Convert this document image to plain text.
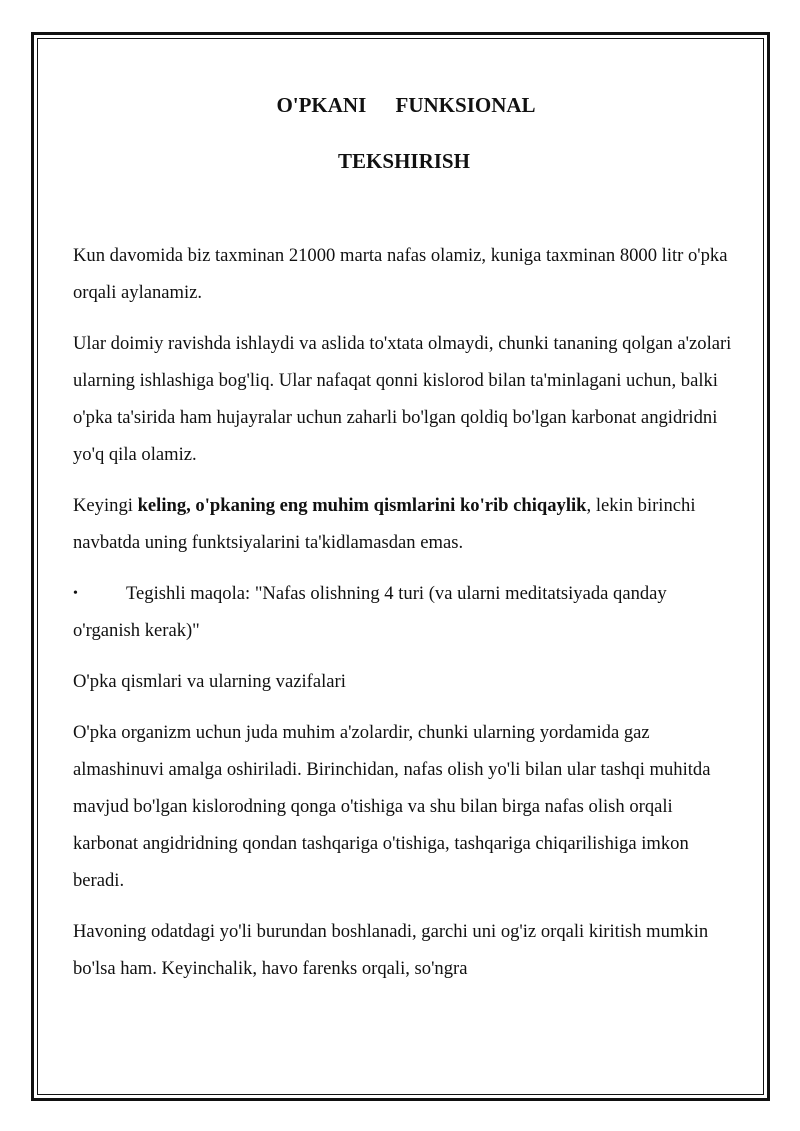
O'PKANI FUNKSIONAL

TEKSHIRISH

Kun davomida biz taxminan 21000 marta nafas olamiz, kuniga taxminan 8000 litr o'pka orqali aylanamiz.

Ular doimiy ravishda ishlaydi va aslida to'xtata olmaydi, chunki tananing qolgan a'zolari ularning ishlashiga bog'liq. Ular nafaqat qonni kislorod bilan ta'minlagani uchun, balki o'pka ta'sirida ham hujayralar uchun zaharli bo'lgan qoldiq bo'lgan karbonat angidridni yo'q qila olamiz.

Keyingi keling, o'pkaning eng muhim qismlarini ko'rib chiqaylik, lekin birinchi navbatda uning funktsiyalarini ta'kidlamasdan emas.

•	Tegishli maqola: "Nafas olishning 4 turi (va ularni meditatsiyada qanday o'rganish kerak)"

O'pka qismlari va ularning vazifalari

O'pka organizm uchun juda muhim a'zolardir, chunki ularning yordamida gaz almashinuvi amalga oshiriladi. Birinchidan, nafas olish yo'li bilan ular tashqi muhitda mavjud bo'lgan kislorodning qonga o'tishiga va shu bilan birga nafas olish orqali karbonat angidridning qondan tashqariga o'tishiga, tashqariga chiqarilishiga imkon beradi.

Havoning odatdagi yo'li burundan boshlanadi, garchi uni og'iz orqali kiritish mumkin bo'lsa ham. Keyinchalik, havo farenks orqali, so'ngra
